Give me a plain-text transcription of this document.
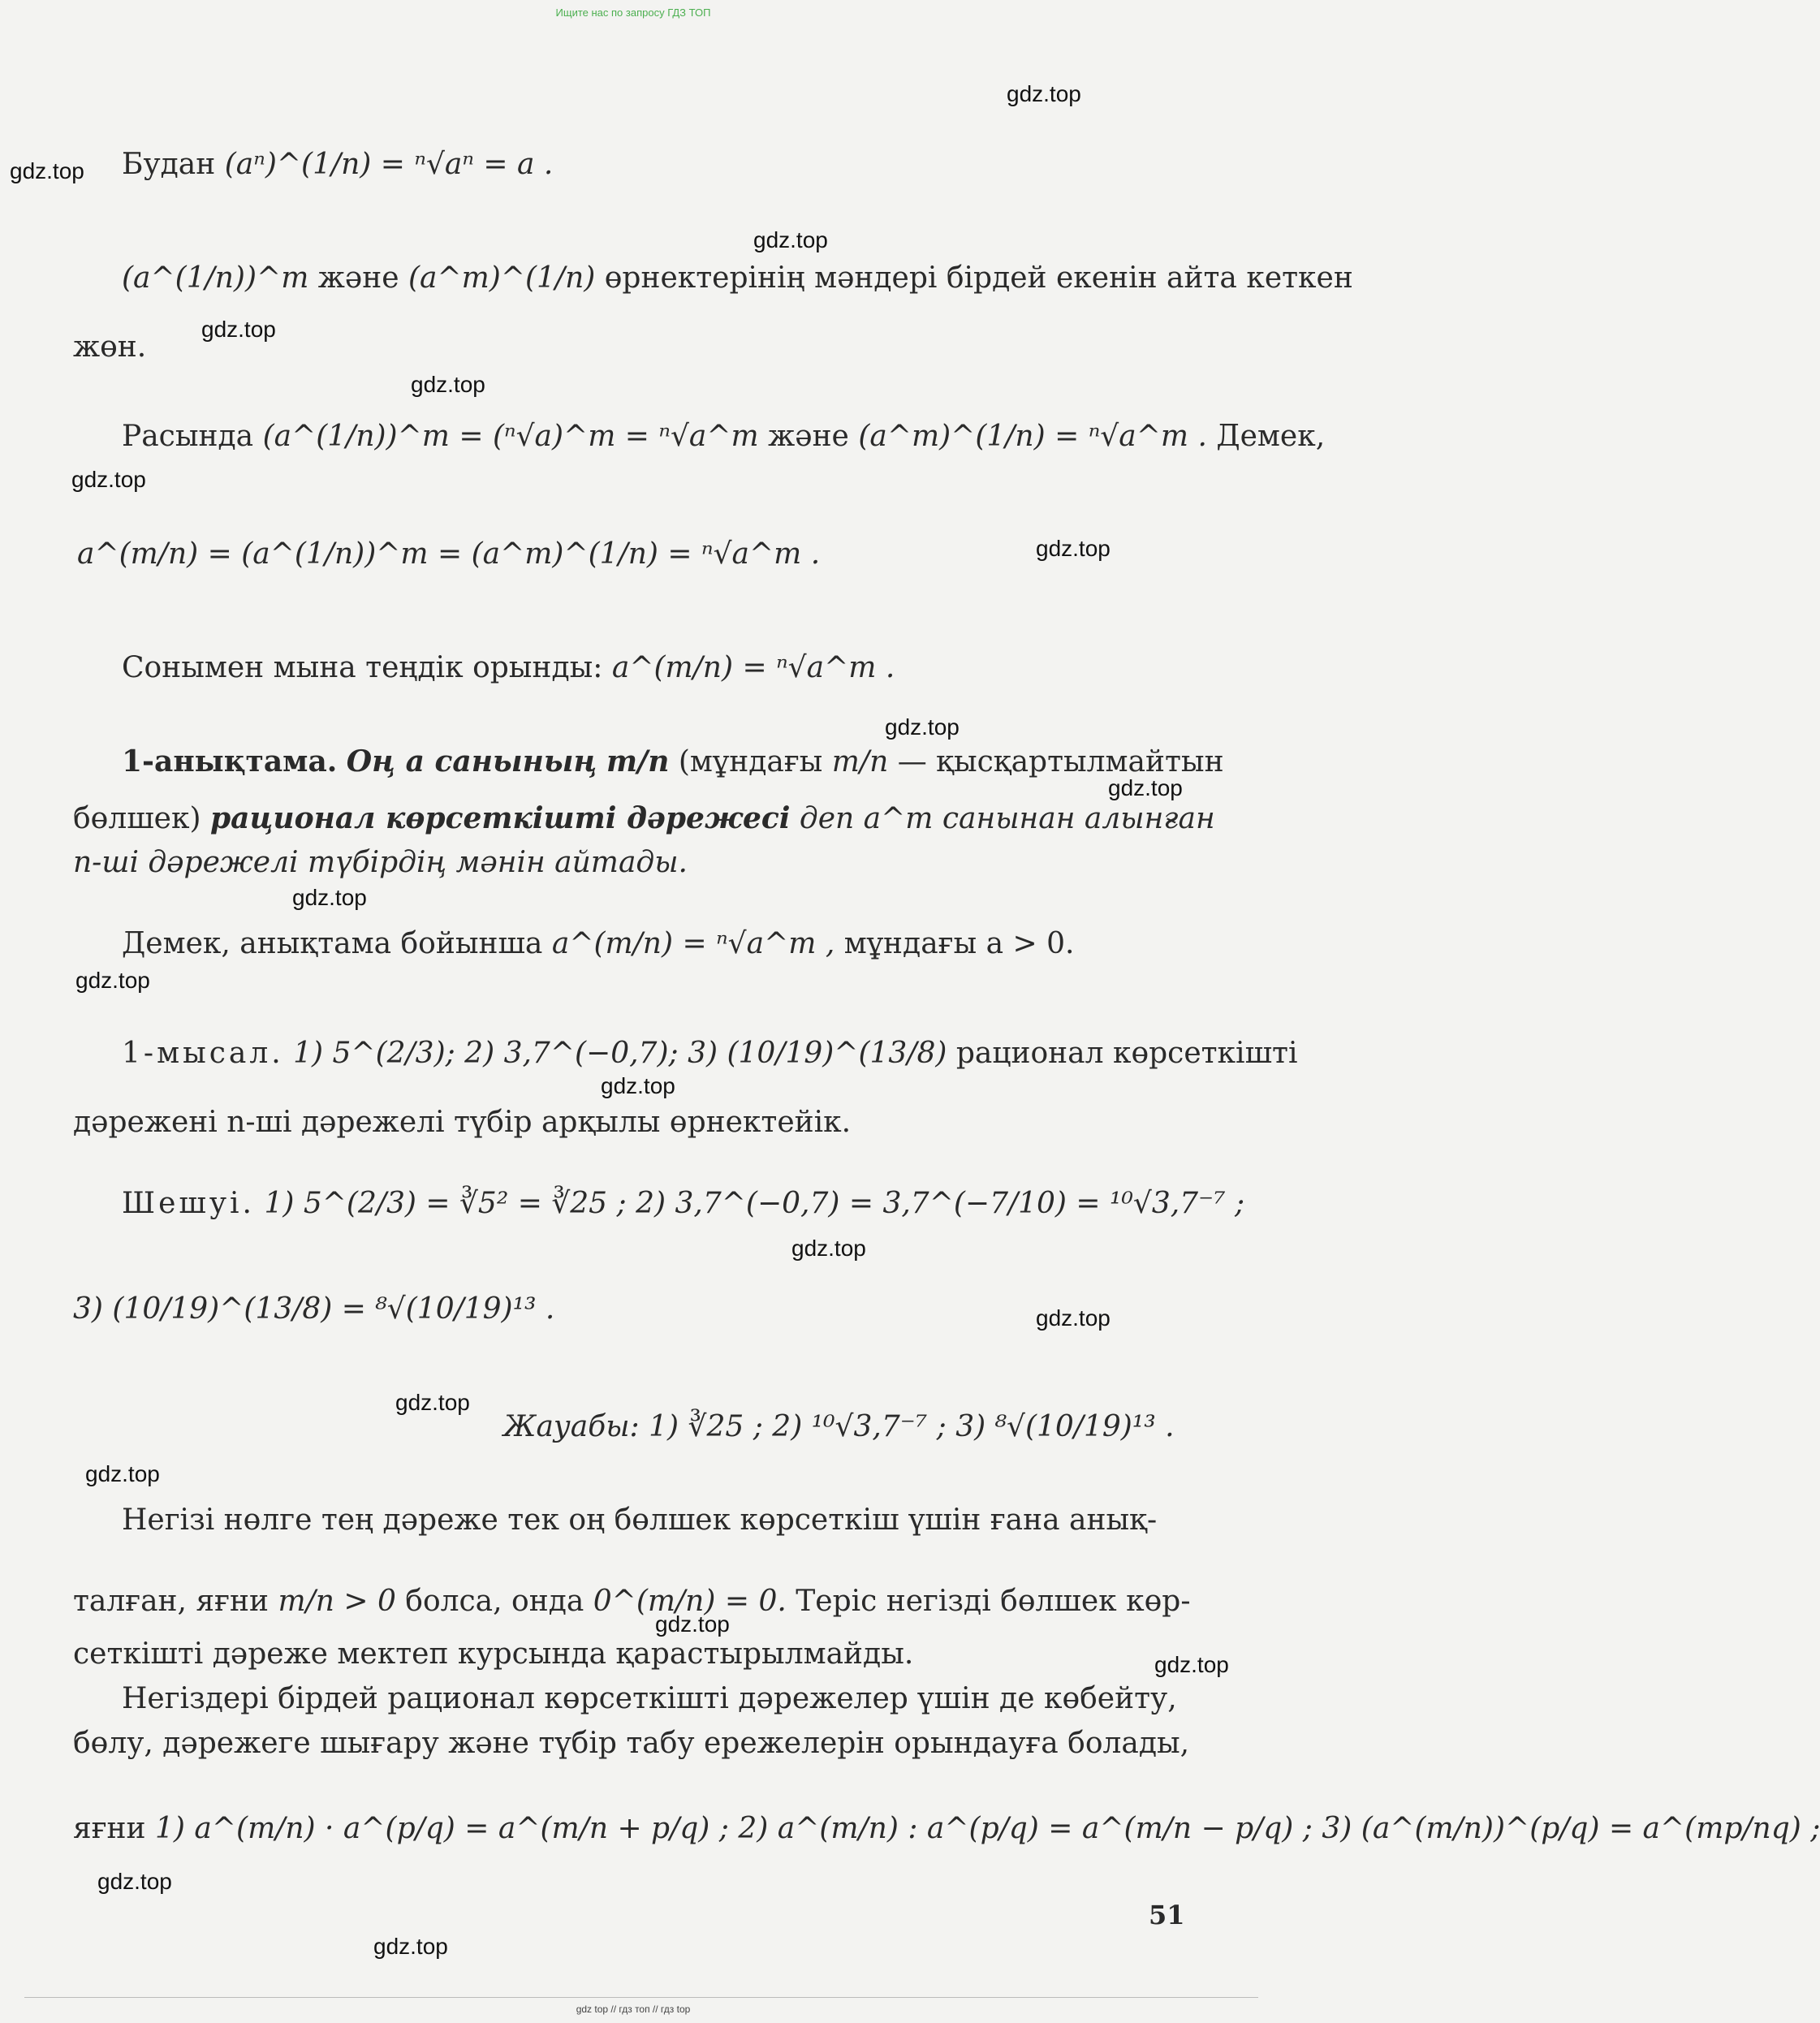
Ищите нас по запросу ГДЗ ТОП
Будан (aⁿ)^(1/n) = ⁿ√aⁿ = a .
(a^(1/n))^m және (a^m)^(1/n) өрнектерінің мәндері бірдей екенін айта кеткен
жөн.
Расында (a^(1/n))^m = (ⁿ√a)^m = ⁿ√a^m және (a^m)^(1/n) = ⁿ√a^m . Демек,
a^(m/n) = (a^(1/n))^m = (a^m)^(1/n) = ⁿ√a^m .
Сонымен мына теңдік орынды: a^(m/n) = ⁿ√a^m .
1-анықтама. Оң a санының m/n (мұндағы m/n — қысқартылмайтын
бөлшек) рационал көрсеткішті дәрежесі деп a^m санынан алынған
n-ші дәрежелі түбірдің мәнін айтады.
Демек, анықтама бойынша a^(m/n) = ⁿ√a^m , мұндағы a > 0.
1-мысал. 1) 5^(2/3); 2) 3,7^(−0,7); 3) (10/19)^(13/8) рационал көрсеткішті
дәрежені n-ші дәрежелі түбір арқылы өрнектейік.
Шешуі. 1) 5^(2/3) = ∛5² = ∛25 ; 2) 3,7^(−0,7) = 3,7^(−7/10) = ¹⁰√3,7⁻⁷ ;
3) (10/19)^(13/8) = ⁸√(10/19)¹³ .
Жауабы: 1) ∛25 ; 2) ¹⁰√3,7⁻⁷ ; 3) ⁸√(10/19)¹³ .
Негізі нөлге тең дәреже тек оң бөлшек көрсеткіш үшін ғана анық-
талған, яғни m/n > 0 болса, онда 0^(m/n) = 0. Теріс негізді бөлшек көр-
сеткішті дәреже мектеп курсында қарастырылмайды.
Негіздері бірдей рационал көрсеткішті дәрежелер үшін де көбейту,
бөлу, дәрежеге шығару және түбір табу ережелерін орындауға болады,
яғни 1) a^(m/n) · a^(p/q) = a^(m/n + p/q) ; 2) a^(m/n) : a^(p/q) = a^(m/n − p/q) ; 3) (a^(m/n))^(p/q) = a^(mp/nq) ;
51
gdz.top
gdz.top
gdz.top
gdz.top
gdz.top
gdz.top
gdz.top
gdz.top
gdz.top
gdz.top
gdz.top
gdz.top
gdz.top
gdz.top
gdz.top
gdz.top
gdz.top
gdz.top
gdz.top
gdz.top
gdz top // гдз топ // гдз top
